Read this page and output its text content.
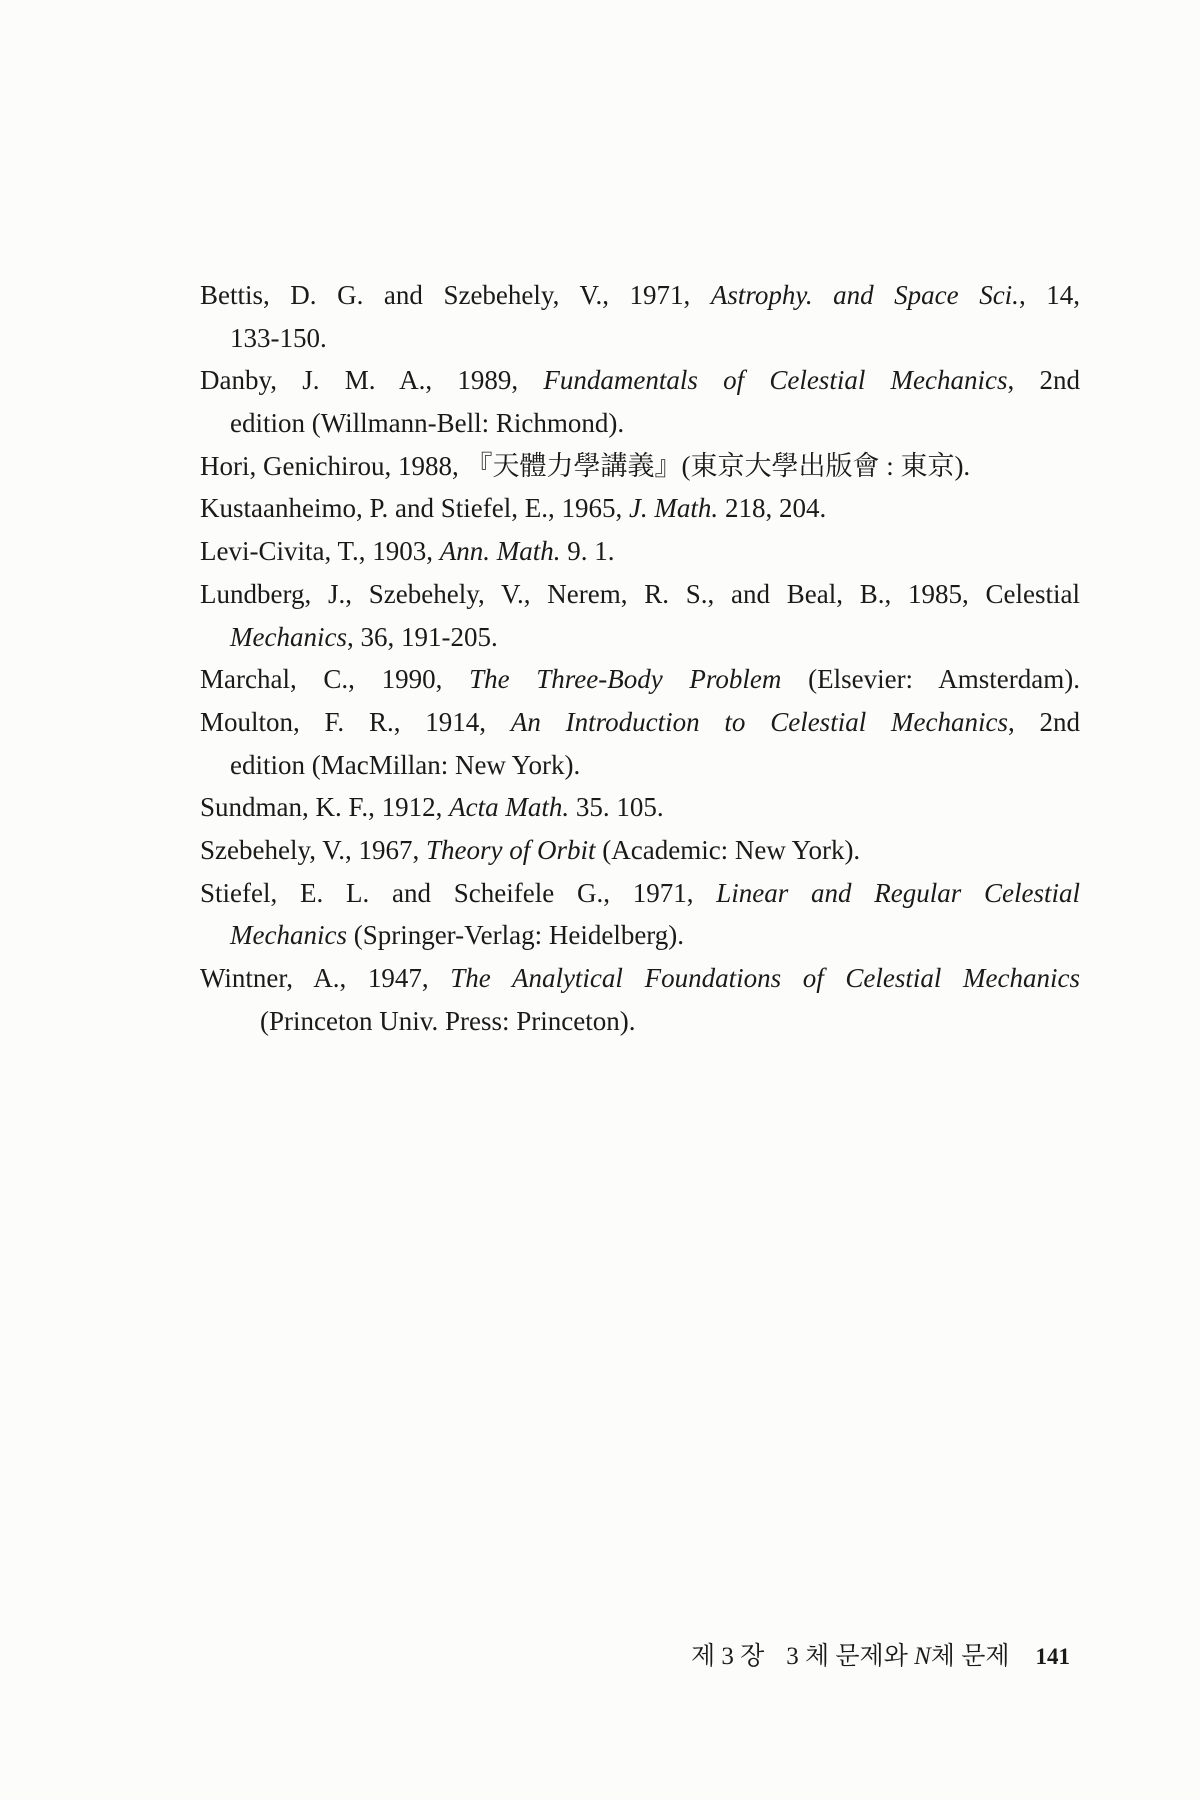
Bettis, D. G. and Szebehely, V., 1971, Astrophy. and Space Sci., 14,
133-150.
Danby, J. M. A., 1989, Fundamentals of Celestial Mechanics, 2nd
edition (Willmann-Bell: Richmond).
Hori, Genichirou, 1988, 『天體力學講義』(東京大學出版會 : 東京).
Kustaanheimo, P. and Stiefel, E., 1965, J. Math. 218, 204.
Levi-Civita, T., 1903, Ann. Math. 9. 1.
Lundberg, J., Szebehely, V., Nerem, R. S., and Beal, B., 1985, Celestial
Mechanics, 36, 191-205.
Marchal, C., 1990, The Three-Body Problem (Elsevier: Amsterdam).
Moulton, F. R., 1914, An Introduction to Celestial Mechanics, 2nd
edition (MacMillan: New York).
Sundman, K. F., 1912, Acta Math. 35. 105.
Szebehely, V., 1967, Theory of Orbit (Academic: New York).
Stiefel, E. L. and Scheifele G., 1971, Linear and Regular Celestial
Mechanics (Springer-Verlag: Heidelberg).
Wintner, A., 1947, The Analytical Foundations of Celestial Mechanics
(Princeton Univ. Press: Princeton).
제 3 장 3 체 문제와 N체 문제 141
